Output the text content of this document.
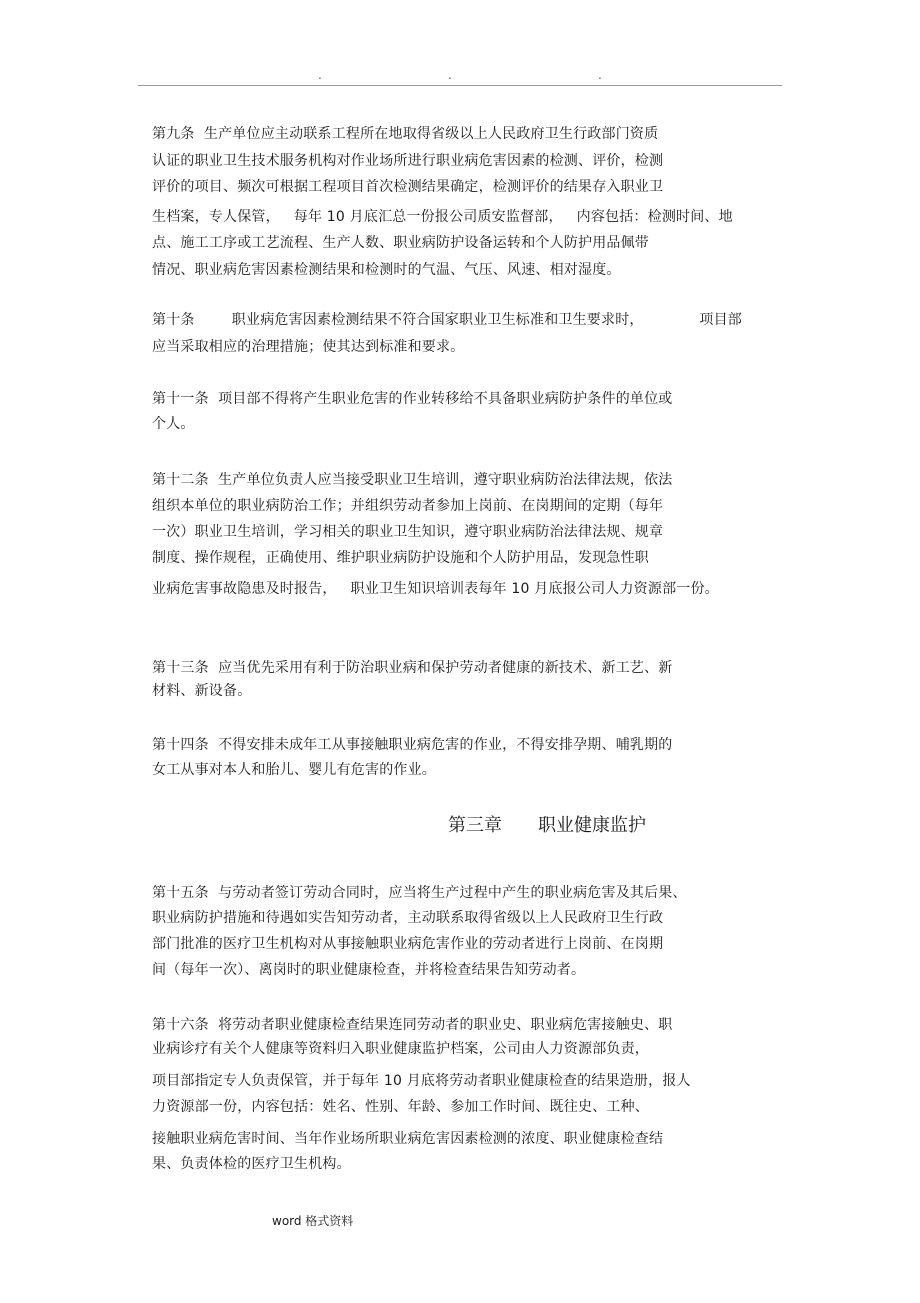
.	.	.
第九条  生产单位应主动联系工程所在地取得省级以上人民政府卫生行政部门资质
认证的职业卫生技术服务机构对作业场所进行职业病危害因素的检测、评价，检测
评价的项目、频次可根据工程项目首次检测结果确定，检测评价的结果存入职业卫
生档案，专人保管，   每年 10 月底汇总一份报公司质安监督部，   内容包括：检测时间、地
点、施工工序或工艺流程、生产人数、职业病防护设备运转和个人防护用品佩带
情况、职业病危害因素检测结果和检测时的气温、气压、风速、相对湿度。
第十条        职业病危害因素检测结果不符合国家职业卫生标准和卫生要求时，            项目部
应当采取相应的治理措施；使其达到标准和要求。
第十一条  项目部不得将产生职业危害的作业转移给不具备职业病防护条件的单位或
个人。
第十二条  生产单位负责人应当接受职业卫生培训，遵守职业病防治法律法规，依法
组织本单位的职业病防治工作；并组织劳动者参加上岗前、在岗期间的定期（每年
一次）职业卫生培训，学习相关的职业卫生知识，遵守职业病防治法律法规、规章
制度、操作规程，正确使用、维护职业病防护设施和个人防护用品，发现急性职
业病危害事故隐患及时报告，   职业卫生知识培训表每年 10 月底报公司人力资源部一份。
第十三条  应当优先采用有利于防治职业病和保护劳动者健康的新技术、新工艺、新
材料、新设备。
第十四条  不得安排未成年工从事接触职业病危害的作业，不得安排孕期、哺乳期的
女工从事对本人和胎儿、婴儿有危害的作业。
第三章 职业健康监护
第十五条  与劳动者签订劳动合同时，应当将生产过程中产生的职业病危害及其后果、
职业病防护措施和待遇如实告知劳动者，主动联系取得省级以上人民政府卫生行政
部门批准的医疗卫生机构对从事接触职业病危害作业的劳动者进行上岗前、在岗期
间（每年一次）、离岗时的职业健康检查，并将检查结果告知劳动者。
第十六条  将劳动者职业健康检查结果连同劳动者的职业史、职业病危害接触史、职
业病诊疗有关个人健康等资料归入职业健康监护档案，公司由人力资源部负责，
项目部指定专人负责保管，并于每年 10 月底将劳动者职业健康检查的结果造册，报人
力资源部一份，内容包括：姓名、性别、年龄、参加工作时间、既往史、工种、
接触职业病危害时间、当年作业场所职业病危害因素检测的浓度、职业健康检查结
果、负责体检的医疗卫生机构。
word 格式资料
